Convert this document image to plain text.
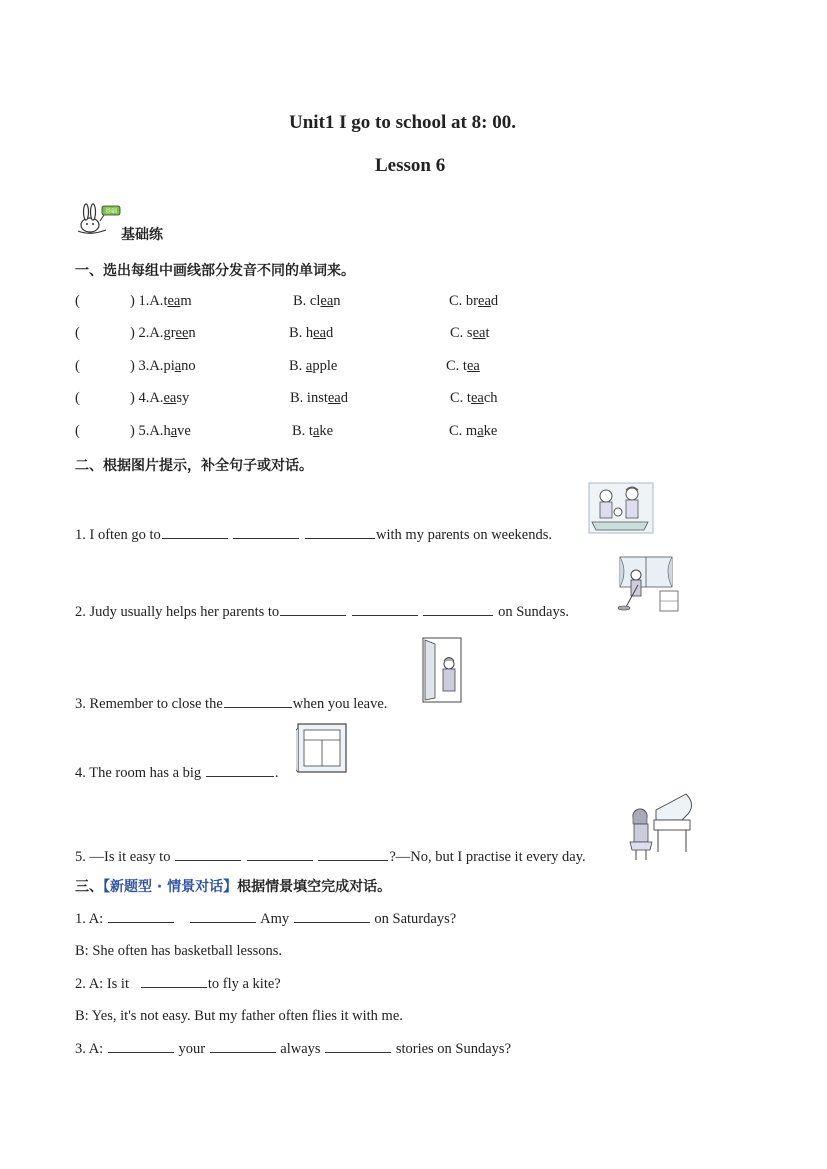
Unit1 I go to school at 8: 00.
Lesson 6
基础
基础练
一、选出每组中画线部分发音不同的单词来。
(	) 1.A.team	B. clean	C. bread
(	) 2.A.green	B. head	C. seat
(	) 3.A.piano	B. apple	C. tea
(	) 4.A.easy	B. instead	C. teach
(	) 5.A.have	B. take	C. make
二、根据图片提示，补全句子或对话。
1. I often go to	with my parents on weekends.
2. Judy usually helps her parents to	on Sundays.
3. Remember to close the	when you leave.
4. The room has a big	.
5. —Is it easy to	?—No, but I practise it every day.
三、【新题型 · 情景对话】根据情景填空完成对话。
1. A:	Amy	on Saturdays?
B: She often has basketball lessons.
2. A: Is it	to fly a kite?
B: Yes, it's not easy. But my father often flies it with me.
3. A:	your	always	stories on Sundays?
